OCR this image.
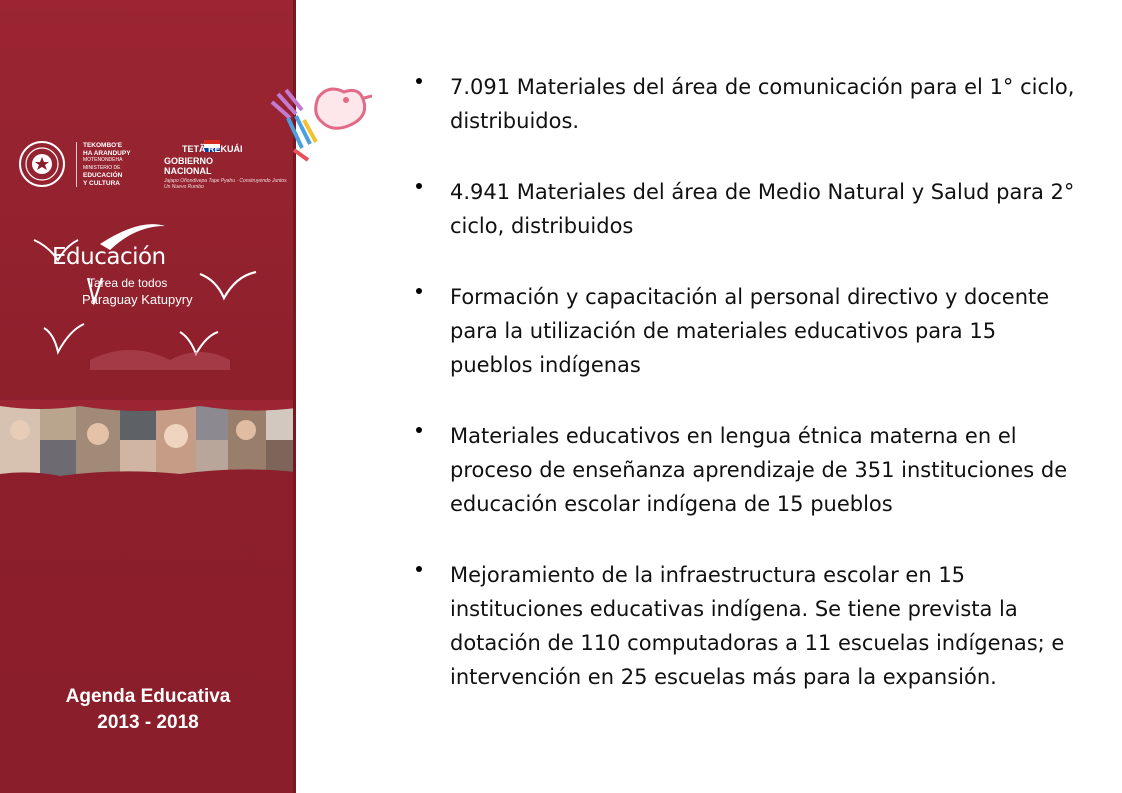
TEKOMBO'E
HA ARANDUPY
MOTENONDEHA
MINISTERIO DE
EDUCACIÓN
Y CULTURA
TETÃ REKUÁI
GOBIERNO NACIONAL
Jajapo Oñondivepa Tape Pyahu · Construyendo Juntos Un Nuevo Rumbo
Educación
Tarea de todos
Paraguay Katupyry
Agenda Educativa
2013 - 2018
7.091 Materiales del área de comunicación para el 1° ciclo, distribuidos.
4.941 Materiales del área de Medio Natural y Salud para 2° ciclo, distribuidos
Formación y capacitación al personal directivo y docente para la utilización de materiales educativos para 15 pueblos indígenas
Materiales educativos en lengua étnica materna en el proceso de enseñanza aprendizaje de 351 instituciones de educación escolar indígena de 15 pueblos
Mejoramiento de la infraestructura escolar en 15 instituciones educativas indígena. Se tiene prevista la dotación de 110 computadoras a 11 escuelas indígenas; e intervención en 25 escuelas más para la expansión.
